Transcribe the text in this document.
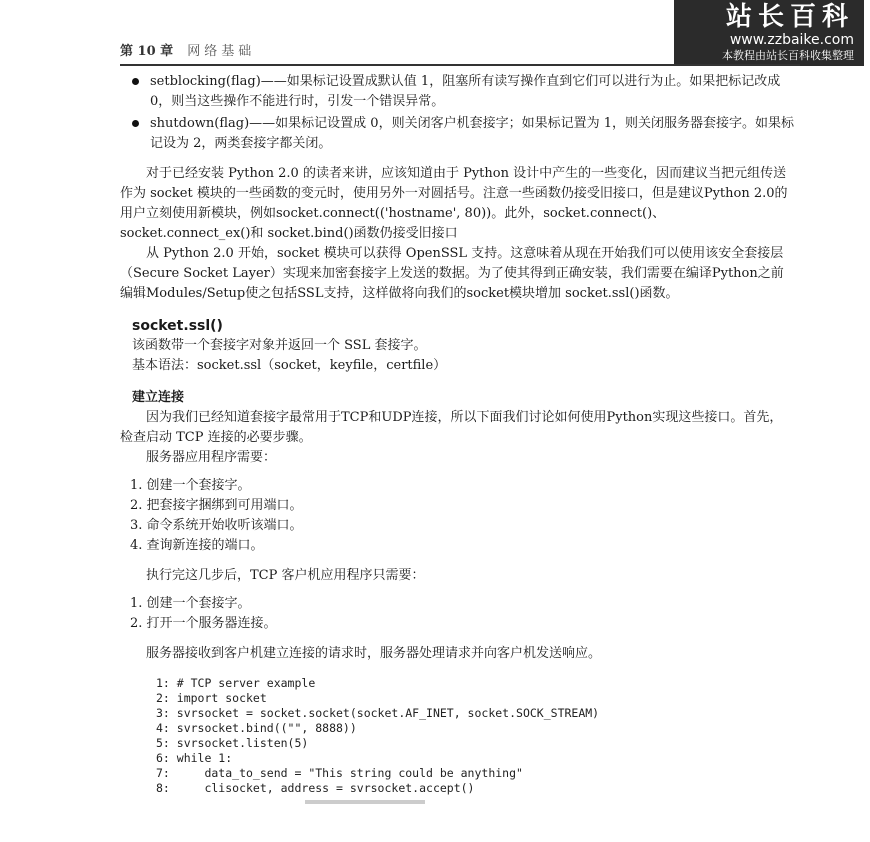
站长百科
www.zzbaike.com
本教程由站长百科收集整理
第 10 章 网络基础
setblocking(flag)——如果标记设置成默认值 1，阻塞所有读写操作直到它们可以进行为止。如果把标记改成 0，则当这些操作不能进行时，引发一个错误异常。
shutdown(flag)——如果标记设置成 0，则关闭客户机套接字；如果标记置为 1，则关闭服务器套接字。如果标记设为 2，两类套接字都关闭。

对于已经安装 Python 2.0 的读者来讲，应该知道由于 Python 设计中产生的一些变化，因而建议当把元组传送作为 socket 模块的一些函数的变元时，使用另外一对圆括号。注意一些函数仍接受旧接口，但是建议Python 2.0的用户立刻使用新模块，例如socket.connect(('hostname', 80))。此外，socket.connect()、socket.connect_ex()和 socket.bind()函数仍接受旧接口

从 Python 2.0 开始，socket 模块可以获得 OpenSSL 支持。这意味着从现在开始我们可以使用该安全套接层（Secure Socket Layer）实现来加密套接字上发送的数据。为了使其得到正确安装，我们需要在编译Python之前编辑Modules/Setup使之包括SSL支持，这样做将向我们的socket模块增加 socket.ssl()函数。

socket.ssl()
该函数带一个套接字对象并返回一个 SSL 套接字。
基本语法：socket.ssl（socket，keyfile，certfile）
建立连接

因为我们已经知道套接字最常用于TCP和UDP连接，所以下面我们讨论如何使用Python实现这些接口。首先，检查启动 TCP 连接的必要步骤。

服务器应用程序需要：
1. 创建一个套接字。
2. 把套接字捆绑到可用端口。
3. 命令系统开始收听该端口。
4. 查询新连接的端口。

执行完这几步后，TCP 客户机应用程序只需要：

1. 创建一个套接字。
2. 打开一个服务器连接。

服务器接收到客户机建立连接的请求时，服务器处理请求并向客户机发送响应。

1: # TCP server example
2: import socket
3: svrsocket = socket.socket(socket.AF_INET, socket.SOCK_STREAM)
4: svrsocket.bind(("", 8888))
5: svrsocket.listen(5)
6: while 1:
7:     data_to_send = "This string could be anything"
8:     clisocket, address = svrsocket.accept()
